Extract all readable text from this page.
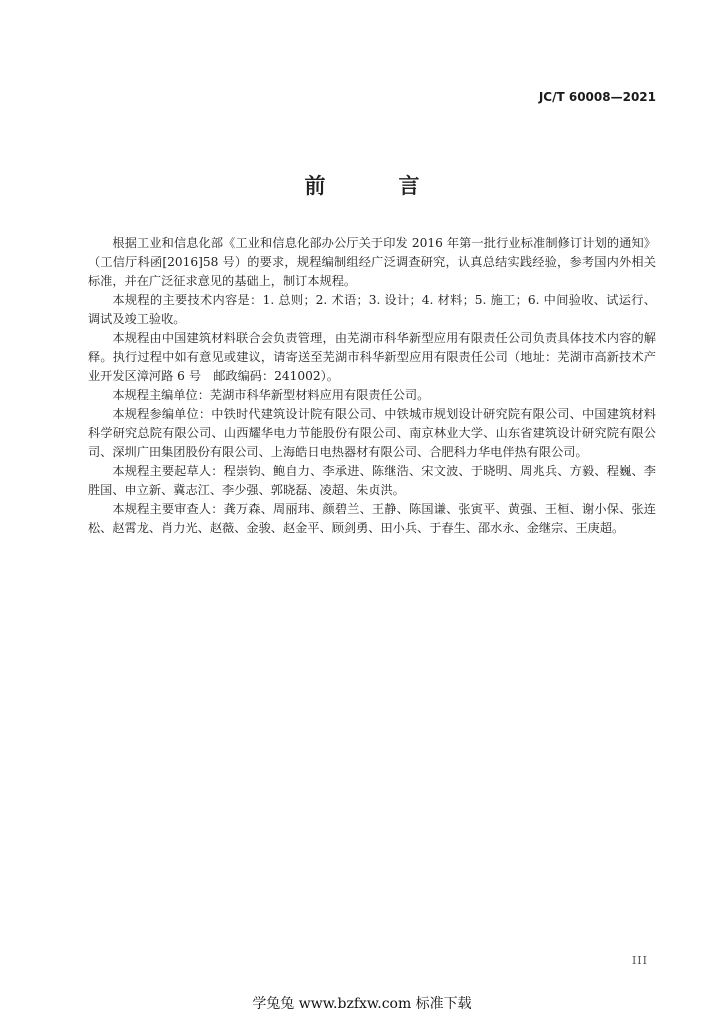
JC/T 60008—2021
前　言

根据工业和信息化部《工业和信息化部办公厅关于印发 2016 年第一批行业标准制修订计划的通知》（工信厅科函[2016]58 号）的要求，规程编制组经广泛调查研究，认真总结实践经验，参考国内外相关标准，并在广泛征求意见的基础上，制订本规程。

本规程的主要技术内容是：1. 总则；2. 术语；3. 设计；4. 材料；5. 施工；6. 中间验收、试运行、调试及竣工验收。

本规程由中国建筑材料联合会负责管理，由芜湖市科华新型应用有限责任公司负责具体技术内容的解释。执行过程中如有意见或建议，请寄送至芜湖市科华新型应用有限责任公司（地址：芜湖市高新技术产业开发区漳河路 6 号　邮政编码：241002）。

本规程主编单位：芜湖市科华新型材料应用有限责任公司。

本规程参编单位：中铁时代建筑设计院有限公司、中铁城市规划设计研究院有限公司、中国建筑材料科学研究总院有限公司、山西耀华电力节能股份有限公司、南京林业大学、山东省建筑设计研究院有限公司、深圳广田集团股份有限公司、上海皓日电热器材有限公司、合肥科力华电伴热有限公司。

本规程主要起草人：程崇钧、鲍自力、李承进、陈继浩、宋文波、于晓明、周兆兵、方毅、程巍、李胜国、申立新、冀志江、李少强、郭晓磊、凌超、朱贞洪。

本规程主要审查人：龚万森、周丽玮、颜碧兰、王静、陈国谦、张寅平、黄强、王桓、谢小保、张连松、赵霄龙、肖力光、赵薇、金骏、赵金平、顾剑勇、田小兵、于春生、邵水永、金继宗、王庚超。

III
学兔兔 www.bzfxw.com 标准下载
